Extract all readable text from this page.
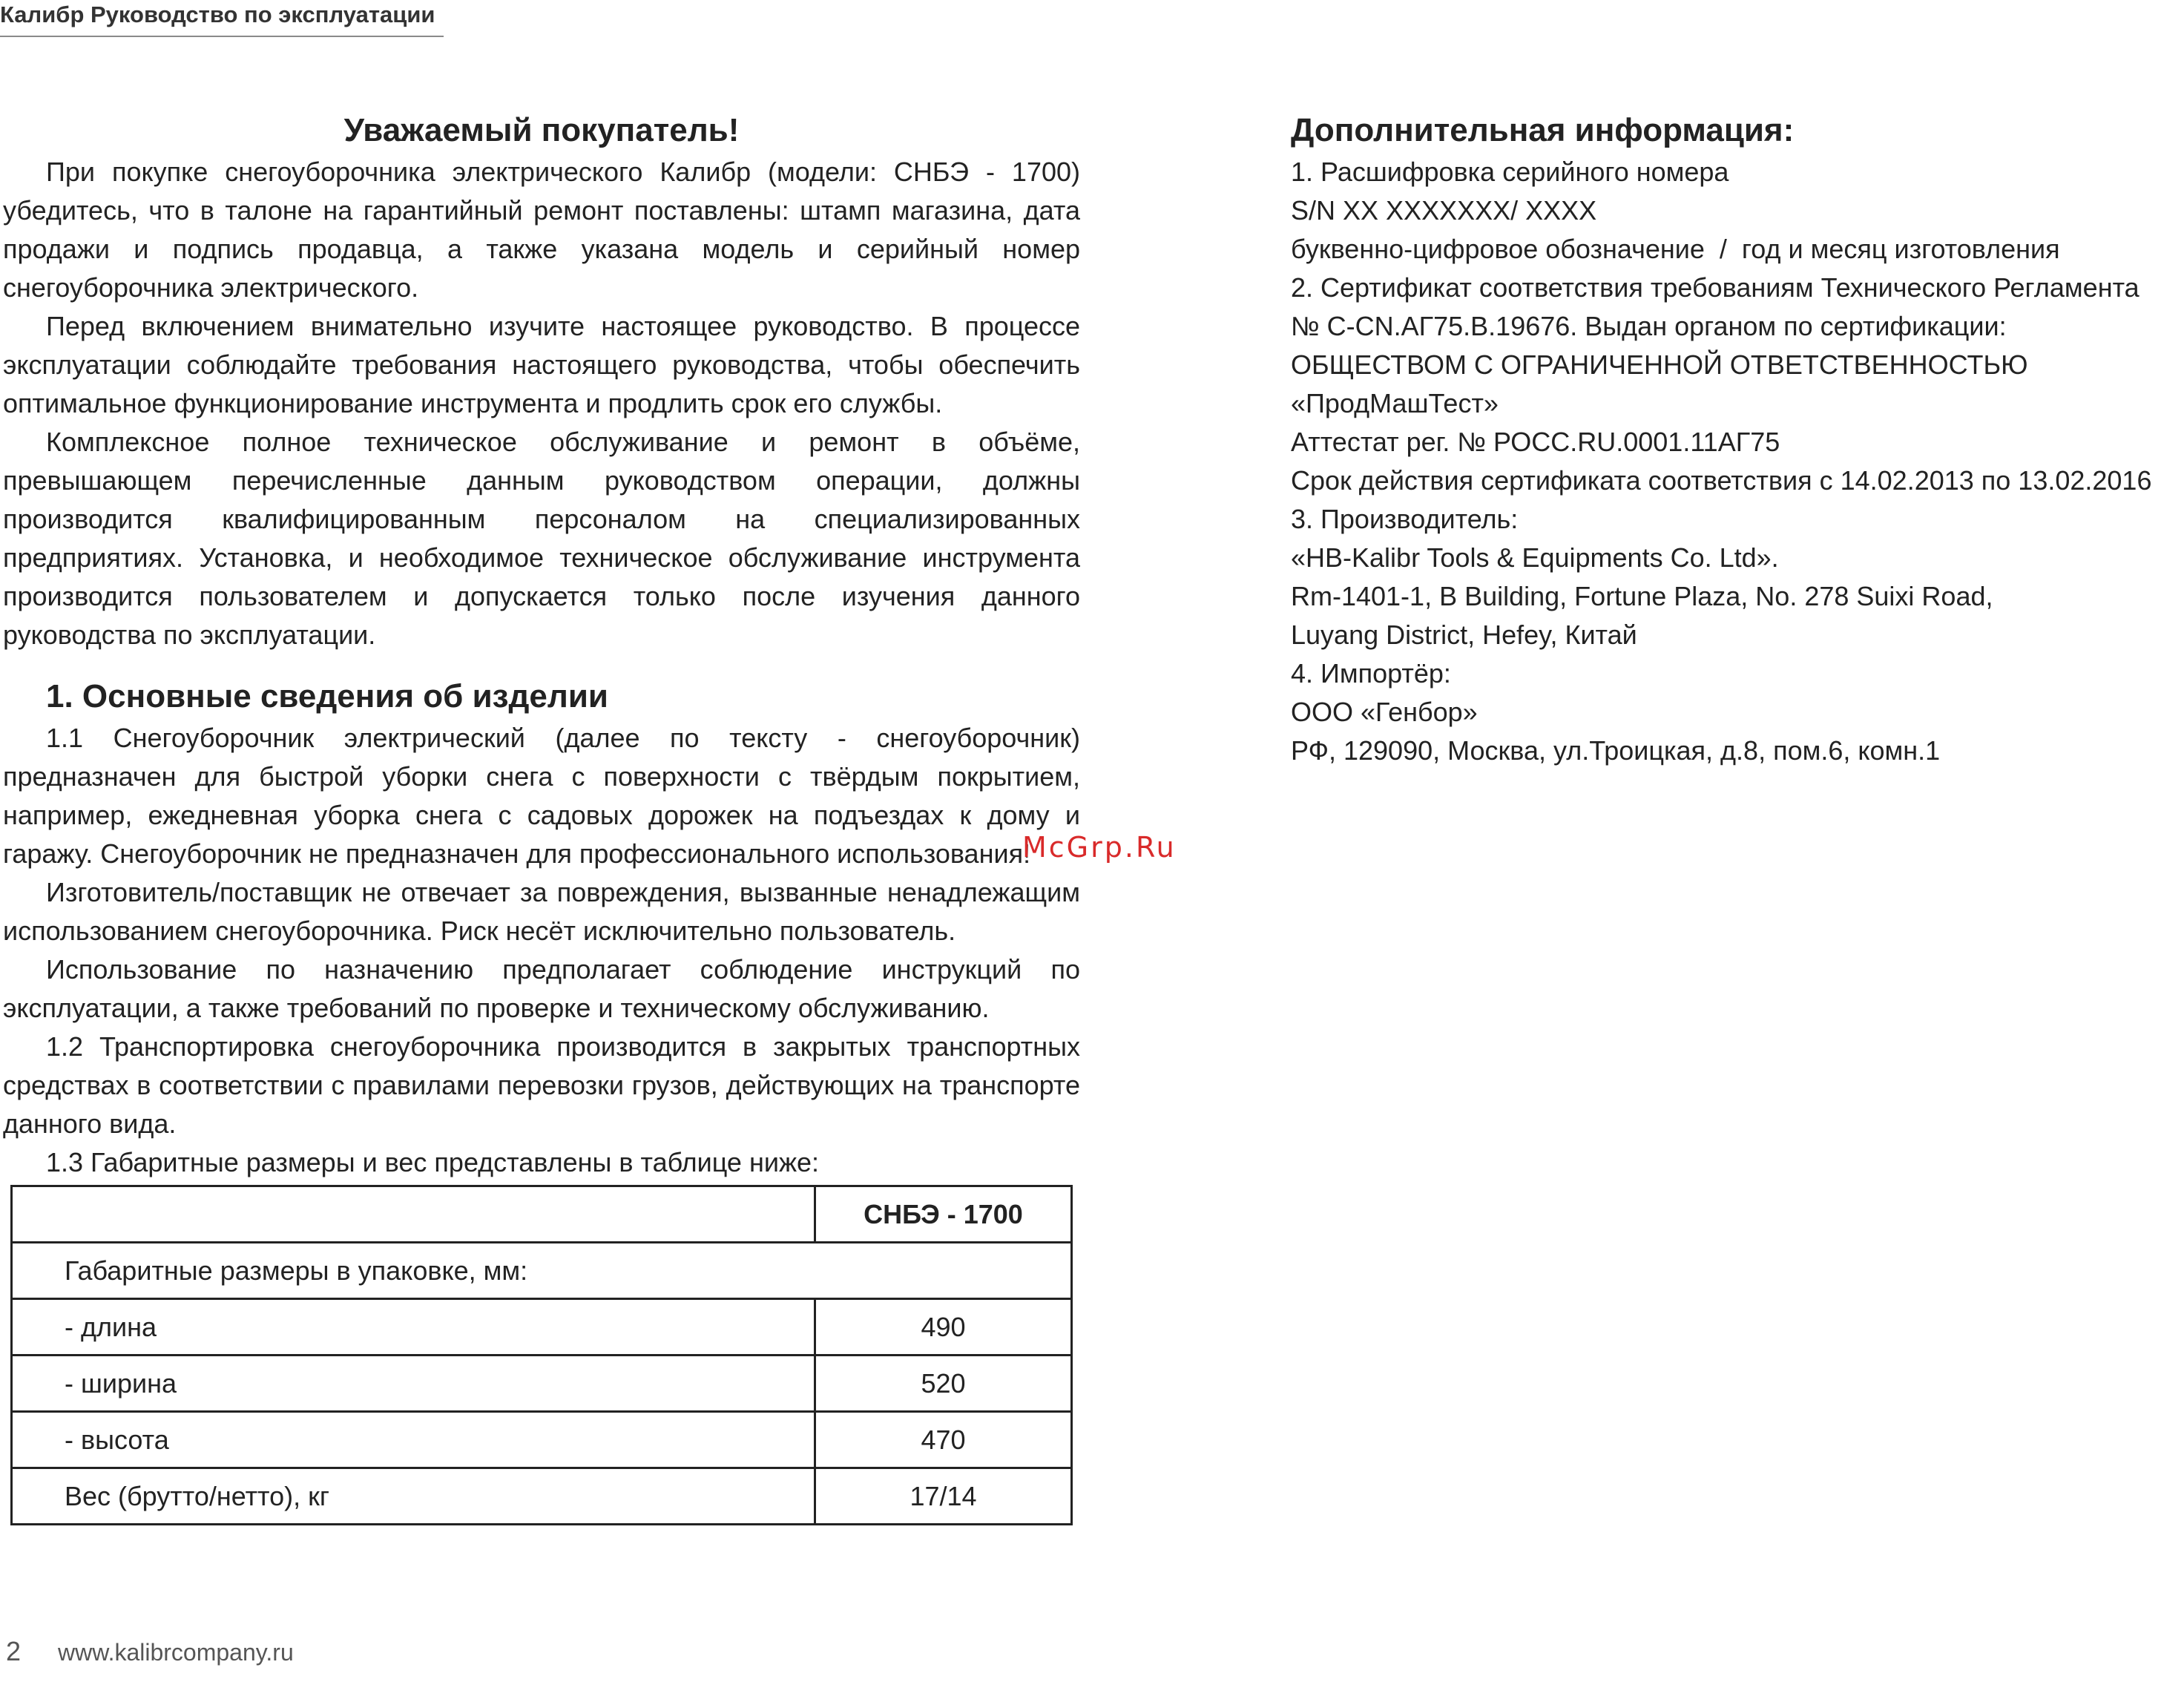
Калибр Руководство по эксплуатации
Уважаемый покупатель!

При покупке снегоуборочника электрического Калибр (модели: СНБЭ - 1700) убедитесь, что в талоне на гарантийный ремонт поставлены: штамп магазина, дата продажи и подпись продавца, а также указана модель и серийный номер снегоуборочника электрического.

Перед включением внимательно изучите настоящее руководство. В процессе эксплуатации соблюдайте требования настоящего руководства, чтобы обеспечить оптимальное функционирование инструмента и продлить срок его службы.

Комплексное полное техническое обслуживание и ремонт в объёме, превышающем перечисленные данным руководством операции, должны производится квалифицированным персоналом на специализированных предприятиях. Установка, и необходимое техническое обслуживание инструмента производится пользователем и допускается только после изучения данного руководства по эксплуатации.

1. Основные сведения об изделии

1.1 Снегоуборочник электрический (далее по тексту - снегоуборочник) предназначен для быстрой уборки снега с поверхности с твёрдым покрытием, например, ежедневная уборка снега с садовых дорожек на подъездах к дому и гаражу. Снегоуборочник не предназначен для профессионального использования!

Изготовитель/поставщик не отвечает за повреждения, вызванные ненадлежащим использованием снегоуборочника. Риск несёт исключительно пользователь.

Использование по назначению предполагает соблюдение инструкций по эксплуатации, а также требований по проверке и техническому обслуживанию.

1.2 Транспортировка снегоуборочника производится в закрытых транспортных средствах в соответствии с правилами перевозки грузов, действующих на транспорте данного вида.

1.3 Габаритные размеры и вес представлены в таблице ниже:

	СНБЭ - 1700
Габаритные размеры в упаковке, мм:	
- длина	490
- ширина	520
- высота	470
Вес (брутто/нетто), кг	17/14
Дополнительная информация:

1. Расшифровка серийного номера

S/N XX XXXXXXX/ XXXX

буквенно-цифровое обозначение  /  год и месяц изготовления

2. Сертификат соответствия требованиям Технического Регламента

№ C-CN.АГ75.В.19676. Выдан органом по сертификации:

ОБЩЕСТВОМ С ОГРАНИЧЕННОЙ ОТВЕТСТВЕННОСТЬЮ

«ПродМашТест»

Аттестат рег. № РОСС.RU.0001.11АГ75

Срок действия сертификата соответствия с 14.02.2013 по 13.02.2016

3. Производитель:

«HB-Kalibr Tools & Equipments Co. Ltd».

Rm-1401-1, B Building, Fortune Plaza, No. 278 Suixi Road,

Luyang District, Hefey, Китай

4. Импортёр:

ООО «Генбор»

РФ, 129090, Москва, ул.Троицкая, д.8, пом.6, комн.1

McGrp.Ru
2 www.kalibrcompany.ru
